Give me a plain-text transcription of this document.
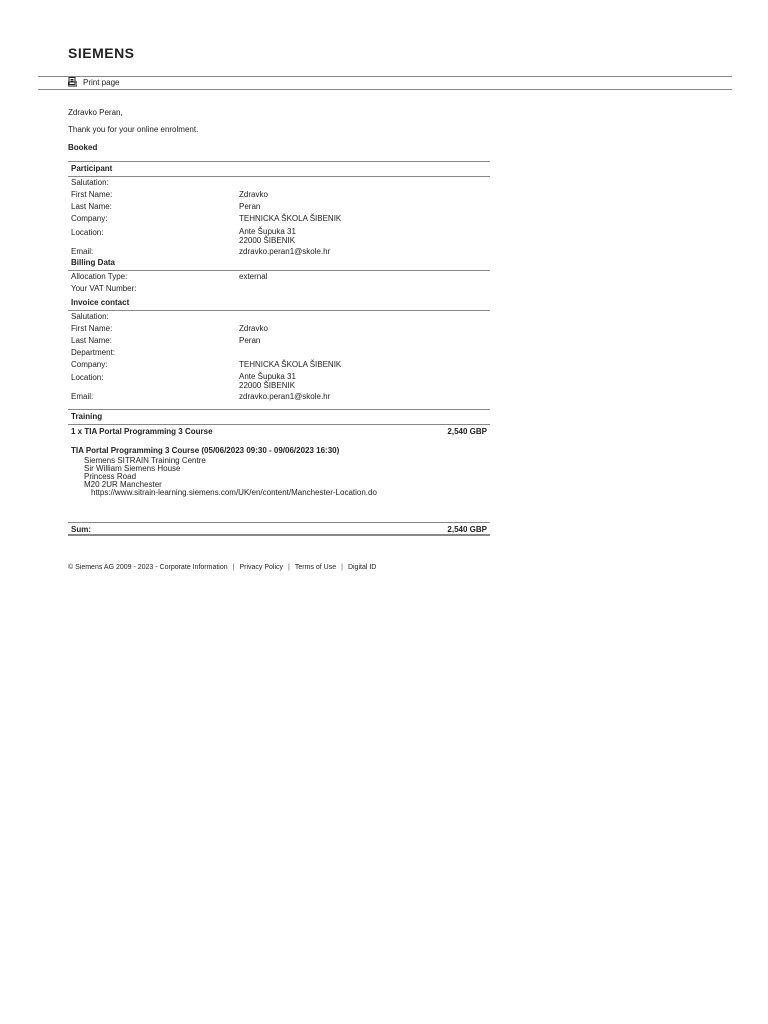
SIEMENS
Print page
Zdravko Peran,
Thank you for your online enrolment.
Booked
Participant
Salutation:
First Name:	Zdravko
Last Name:	Peran
Company:	TEHNICKA ŠKOLA ŠIBENIK
Location:	Ante Šupuka 31
22000 ŠIBENIK
Email:	zdravko.peran1@skole.hr
Billing Data
Allocation Type:	external
Your VAT Number:
Invoice contact
Salutation:
First Name:	Zdravko
Last Name:	Peran
Department:
Company:	TEHNICKA ŠKOLA ŠIBENIK
Location:	Ante Šupuka 31
22000 ŠIBENIK
Email:	zdravko.peran1@skole.hr
Training
1 x TIA Portal Programming 3 Course	2,540 GBP
TIA Portal Programming 3 Course (05/06/2023 09:30 - 09/06/2023 16:30)
Siemens SITRAIN Training Centre
Sir William Siemens House
Princess Road
M20 2UR Manchester
https://www.sitrain-learning.siemens.com/UK/en/content/Manchester-Location.do
Sum:	2,540 GBP
© Siemens AG 2009 - 2023 - Corporate Information | Privacy Policy | Terms of Use | Digital ID
